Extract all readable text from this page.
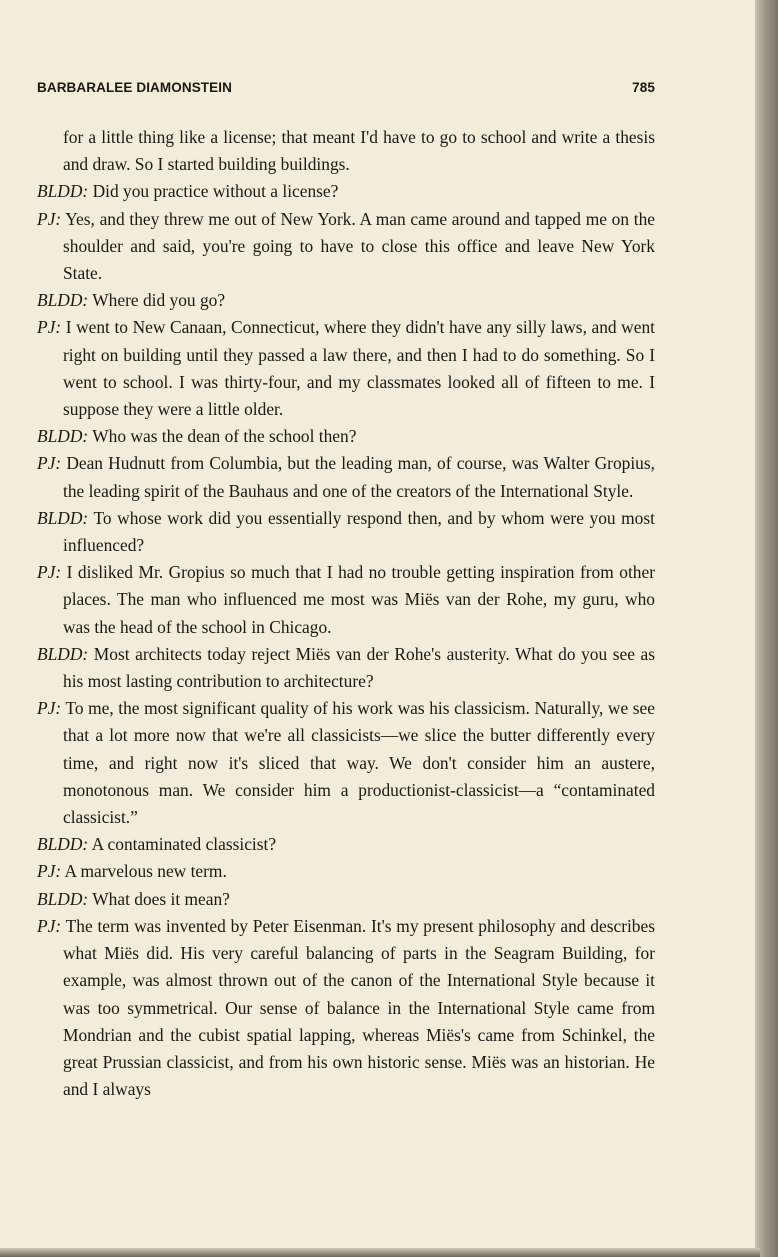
BARBARALEE DIAMONSTEIN	785

for a little thing like a license; that meant I'd have to go to school and write a thesis and draw. So I started building buildings.

BLDD: Did you practice without a license?

PJ: Yes, and they threw me out of New York. A man came around and tapped me on the shoulder and said, you're going to have to close this office and leave New York State.

BLDD: Where did you go?

PJ: I went to New Canaan, Connecticut, where they didn't have any silly laws, and went right on building until they passed a law there, and then I had to do something. So I went to school. I was thirty-four, and my classmates looked all of fifteen to me. I suppose they were a little older.

BLDD: Who was the dean of the school then?

PJ: Dean Hudnutt from Columbia, but the leading man, of course, was Walter Gropius, the leading spirit of the Bauhaus and one of the creators of the International Style.

BLDD: To whose work did you essentially respond then, and by whom were you most influenced?

PJ: I disliked Mr. Gropius so much that I had no trouble getting inspiration from other places. The man who influenced me most was Miës van der Rohe, my guru, who was the head of the school in Chicago.

BLDD: Most architects today reject Miës van der Rohe's austerity. What do you see as his most lasting contribution to architecture?

PJ: To me, the most significant quality of his work was his classicism. Naturally, we see that a lot more now that we're all classicists—we slice the butter differently every time, and right now it's sliced that way. We don't consider him an austere, monotonous man. We consider him a productionist-classicist—a “contaminated classicist.”

BLDD: A contaminated classicist?

PJ: A marvelous new term.

BLDD: What does it mean?

PJ: The term was invented by Peter Eisenman. It's my present philosophy and describes what Miës did. His very careful balancing of parts in the Seagram Building, for example, was almost thrown out of the canon of the International Style because it was too symmetrical. Our sense of balance in the International Style came from Mondrian and the cubist spatial lapping, whereas Miës's came from Schinkel, the great Prussian classicist, and from his own historic sense. Miës was an historian. He and I always
